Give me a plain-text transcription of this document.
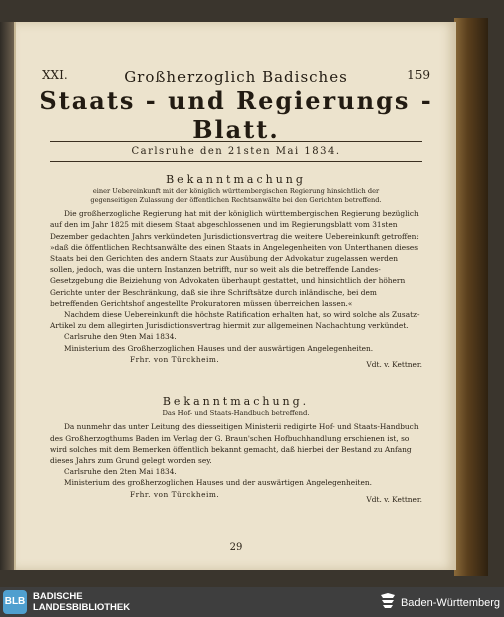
XXI.	159
Großherzoglich Badisches
Staats - und Regierungs - Blatt.
Carlsruhe den 21sten Mai 1834.
Bekanntmachung
einer Uebereinkunft mit der königlich württembergischen Regierung hinsichtlich der gegenseitigen Zulassung der öffentlichen Rechtsanwälte bei den Gerichten betreffend.

Die großherzogliche Regierung hat mit der königlich württembergischen Regierung bezüglich auf den im Jahr 1825 mit diesem Staat abgeschlossenen und im Regierungsblatt vom 31sten Dezember gedachten Jahrs verkündeten Jurisdictionsvertrag die weitere Uebereinkunft getroffen: »daß die öffentlichen Rechtsanwälte des einen Staats in Angelegenheiten von Unterthanen dieses Staats bei den Gerichten des andern Staats zur Ausübung der Advokatur zugelassen werden sollen, jedoch, was die untern Instanzen betrifft, nur so weit als die betreffende Landes-Gesetzgebung die Beiziehung von Advokaten überhaupt gestattet, und hinsichtlich der höhern Gerichte unter der Beschränkung, daß sie ihre Schriftsätze durch inländische, bei dem betreffenden Gerichtshof angestellte Prokuratoren müssen überreichen lassen.«

Nachdem diese Uebereinkunft die höchste Ratification erhalten hat, so wird solche als Zusatz-Artikel zu dem allegirten Jurisdictionsvertrag hiermit zur allgemeinen Nachachtung verkündet.

Carlsruhe den 9ten Mai 1834.

Ministerium des Großherzoglichen Hauses und der auswärtigen Angelegenheiten.
Frhr. von Türckheim.
Vdt. v. Kettner.
Bekanntmachung.
Das Hof- und Staats-Handbuch betreffend.

Da nunmehr das unter Leitung des diesseitigen Ministerii redigirte Hof- und Staats-Handbuch des Großherzogthums Baden im Verlag der G. Braun'schen Hofbuchhandlung erschienen ist, so wird solches mit dem Bemerken öffentlich bekannt gemacht, daß hierbei der Bestand zu Anfang dieses Jahrs zum Grund gelegt worden sey.

Carlsruhe den 2ten Mai 1834.

Ministerium des großherzoglichen Hauses und der auswärtigen Angelegenheiten.
Frhr. von Türckheim.
Vdt. v. Kettner.
29
BLB BADISCHE
LANDESBIBLIOTHEK	Baden-Württemberg
